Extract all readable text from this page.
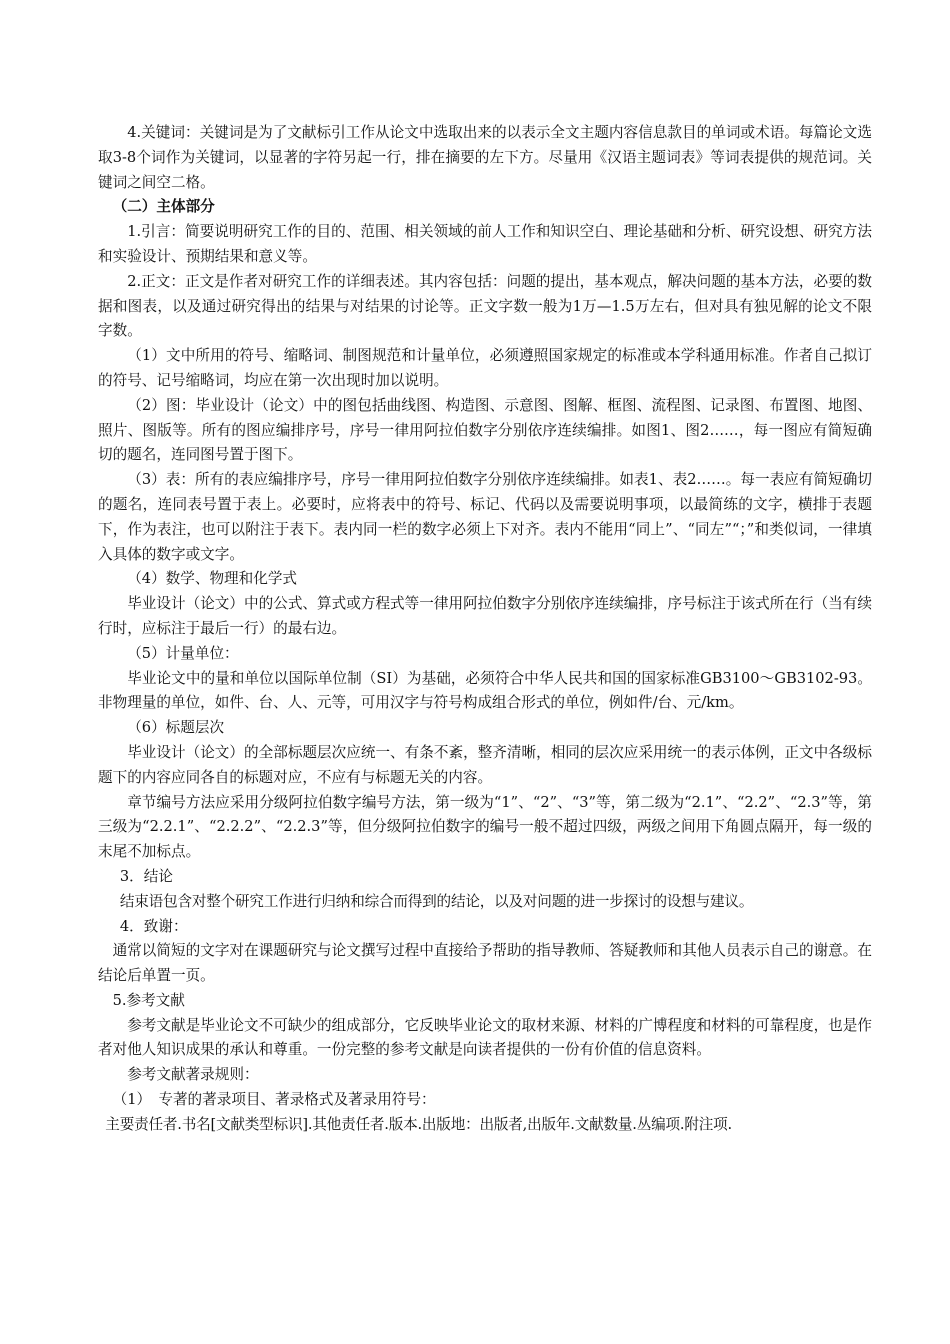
4.关键词：关键词是为了文献标引工作从论文中选取出来的以表示全文主题内容信息款目的单词或术语。每篇论文选取3-8个词作为关键词，以显著的字符另起一行，排在摘要的左下方。尽量用《汉语主题词表》等词表提供的规范词。关键词之间空二格。

（二）主体部分

1.引言：简要说明研究工作的目的、范围、相关领域的前人工作和知识空白、理论基础和分析、研究设想、研究方法和实验设计、预期结果和意义等。

2.正文：正文是作者对研究工作的详细表述。其内容包括：问题的提出，基本观点，解决问题的基本方法，必要的数据和图表，以及通过研究得出的结果与对结果的讨论等。正文字数一般为1万—1.5万左右，但对具有独见解的论文不限字数。

（1）文中所用的符号、缩略词、制图规范和计量单位，必须遵照国家规定的标准或本学科通用标准。作者自己拟订的符号、记号缩略词，均应在第一次出现时加以说明。

（2）图：毕业设计（论文）中的图包括曲线图、构造图、示意图、图解、框图、流程图、记录图、布置图、地图、照片、图版等。所有的图应编排序号，序号一律用阿拉伯数字分别依序连续编排。如图1、图2……，每一图应有简短确切的题名，连同图号置于图下。

（3）表：所有的表应编排序号，序号一律用阿拉伯数字分别依序连续编排。如表1、表2……。每一表应有简短确切的题名，连同表号置于表上。必要时，应将表中的符号、标记、代码以及需要说明事项，以最简练的文字，横排于表题下，作为表注，也可以附注于表下。表内同一栏的数字必须上下对齐。表内不能用“同上”、“同左”“；”和类似词，一律填入具体的数字或文字。

（4）数学、物理和化学式

毕业设计（论文）中的公式、算式或方程式等一律用阿拉伯数字分别依序连续编排，序号标注于该式所在行（当有续行时，应标注于最后一行）的最右边。

（5）计量单位：

毕业论文中的量和单位以国际单位制（SI）为基础，必须符合中华人民共和国的国家标准GB3100～GB3102-93。非物理量的单位，如件、台、人、元等，可用汉字与符号构成组合形式的单位，例如件/台、元/km。

（6）标题层次

毕业设计（论文）的全部标题层次应统一、有条不紊，整齐清晰，相同的层次应采用统一的表示体例，正文中各级标题下的内容应同各自的标题对应，不应有与标题无关的内容。

章节编号方法应采用分级阿拉伯数字编号方法，第一级为“1”、“2”、“3”等，第二级为“2.1”、“2.2”、“2.3”等，第三级为“2.2.1”、“2.2.2”、“2.2.3”等，但分级阿拉伯数字的编号一般不超过四级，两级之间用下角圆点隔开，每一级的末尾不加标点。

3．结论

结束语包含对整个研究工作进行归纳和综合而得到的结论，以及对问题的进一步探讨的设想与建议。

4．致谢：

通常以简短的文字对在课题研究与论文撰写过程中直接给予帮助的指导教师、答疑教师和其他人员表示自己的谢意。在结论后单置一页。

5.参考文献

参考文献是毕业论文不可缺少的组成部分，它反映毕业论文的取材来源、材料的广博程度和材料的可靠程度，也是作者对他人知识成果的承认和尊重。一份完整的参考文献是向读者提供的一份有价值的信息资料。

参考文献著录规则：

（1）　专著的著录项目、著录格式及著录用符号：

主要责任者.书名[文献类型标识].其他责任者.版本.出版地：出版者,出版年.文献数量.丛编项.附注项.
